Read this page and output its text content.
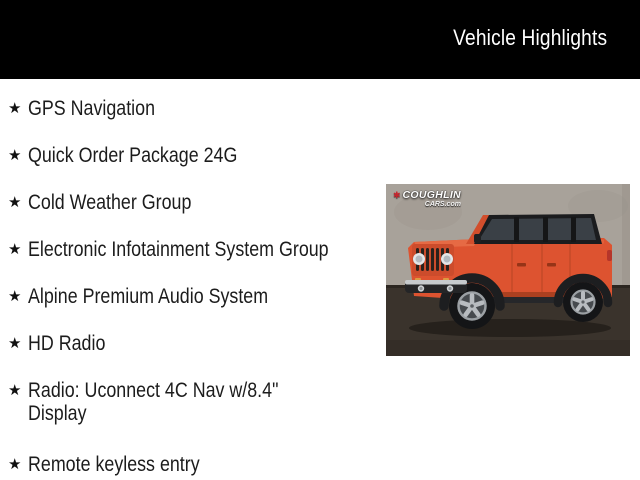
Vehicle Highlights
★ GPS Navigation
★ Quick Order Package 24G
★ Cold Weather Group
★ Electronic Infotainment System Group
★ Alpine Premium Audio System
★ HD Radio
★ Radio: Uconnect 4C Nav w/8.4" Display
★ Remote keyless entry
✱ COUGHLIN
CARS.com
